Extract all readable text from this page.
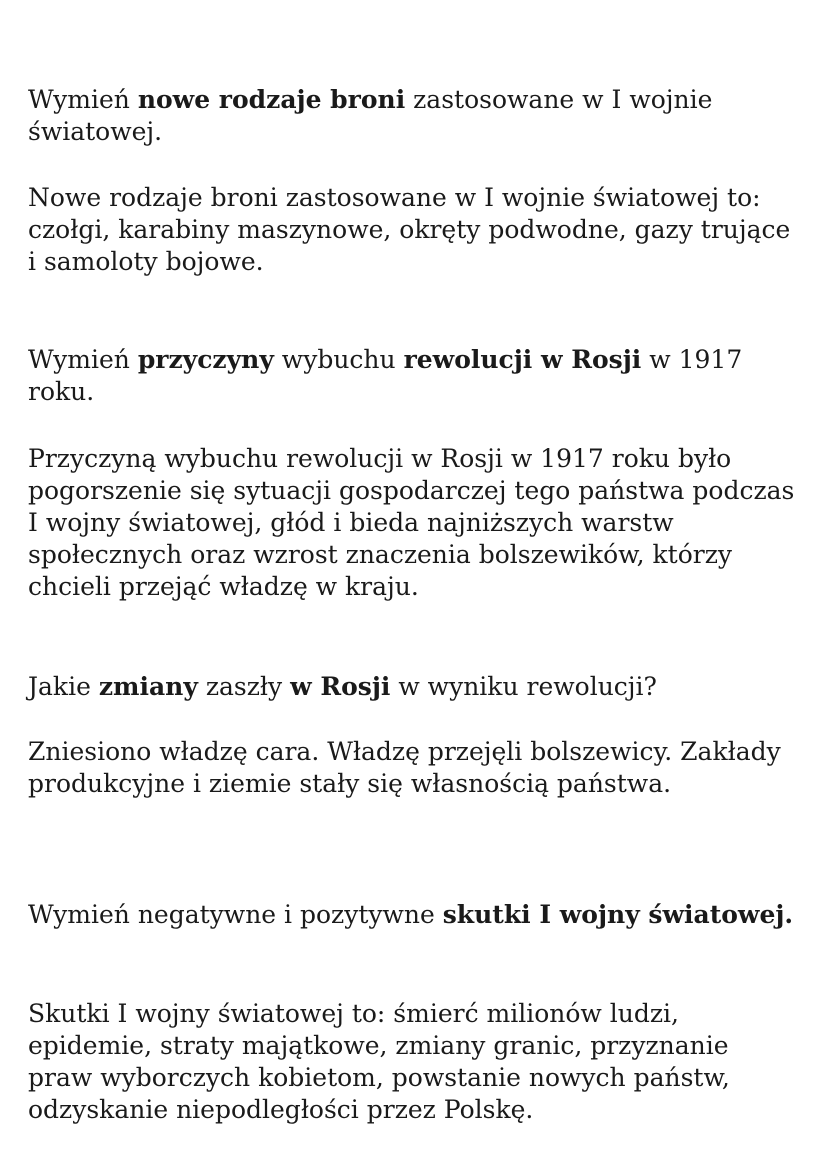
Wymień nowe rodzaje broni zastosowane w I wojnie światowej.

Nowe rodzaje broni zastosowane w I wojnie światowej to: czołgi, karabiny maszynowe, okręty podwodne, gazy trujące i samoloty bojowe.

Wymień przyczyny wybuchu rewolucji w Rosji w 1917 roku.

Przyczyną wybuchu rewolucji w Rosji w 1917 roku było pogorszenie się sytuacji gospodarczej tego państwa podczas I wojny światowej, głód i bieda najniższych warstw społecznych oraz wzrost znaczenia bolszewików, którzy chcieli przejąć władzę w kraju.

Jakie zmiany zaszły w Rosji w wyniku rewolucji?

Zniesiono władzę cara. Władzę przejęli bolszewicy. Zakłady produkcyjne i ziemie stały się własnością państwa.

Wymień negatywne i pozytywne skutki I wojny światowej.

Skutki I wojny światowej to: śmierć milionów ludzi, epidemie, straty majątkowe, zmiany granic, przyznanie praw wyborczych kobietom, powstanie nowych państw, odzyskanie niepodległości przez Polskę.
